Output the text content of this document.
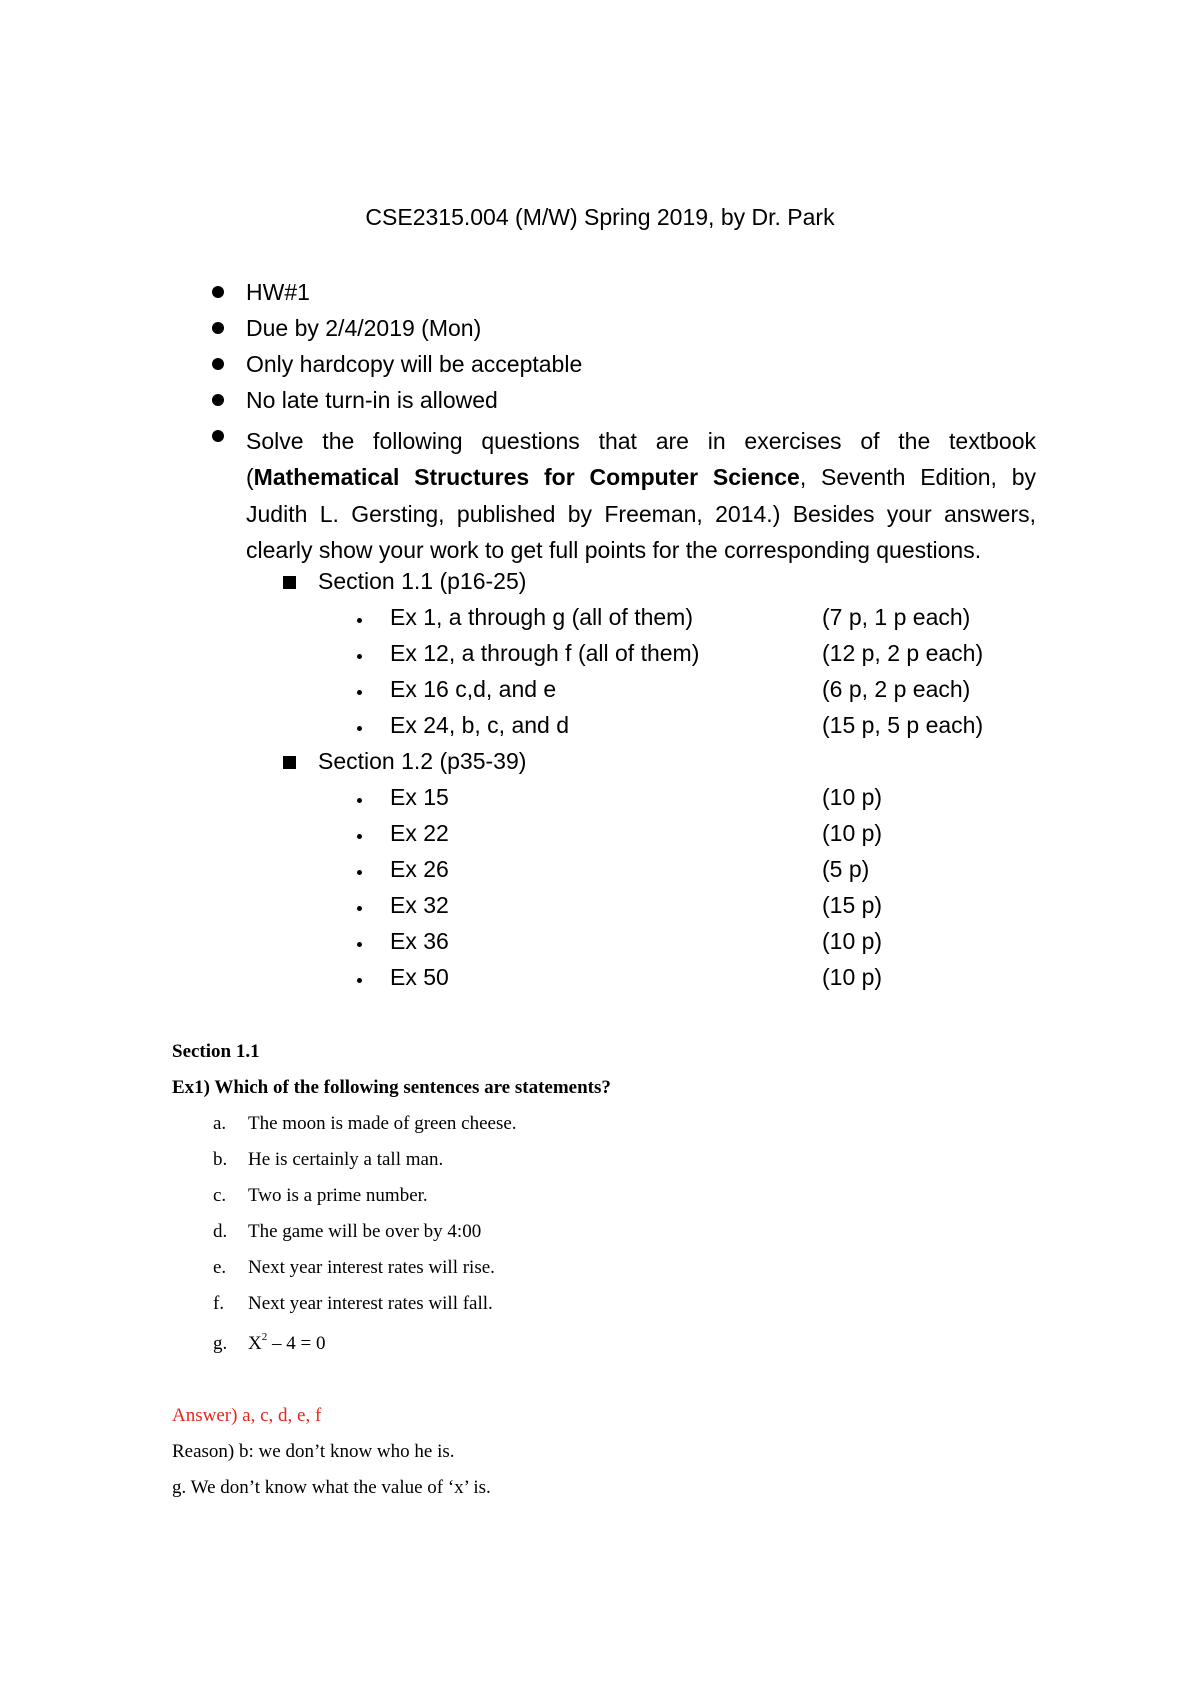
CSE2315.004 (M/W) Spring 2019, by Dr. Park
HW#1
Due by 2/4/2019 (Mon)
Only hardcopy will be acceptable
No late turn-in is allowed
Solve the following questions that are in exercises of the textbook (Mathematical Structures for Computer Science, Seventh Edition, by Judith L. Gersting, published by Freeman, 2014.) Besides your answers, clearly show your work to get full points for the corresponding questions.
Section 1.1 (p16-25)
Ex 1, a through g (all of them)	(7 p, 1 p each)
Ex 12, a through f (all of them)	(12 p, 2 p each)
Ex 16 c,d, and e	(6 p, 2 p each)
Ex 24, b, c, and d	(15 p, 5 p each)
Section 1.2 (p35-39)
Ex 15	(10 p)
Ex 22	(10 p)
Ex 26	(5 p)
Ex 32	(15 p)
Ex 36	(10 p)
Ex 50	(10 p)
Section 1.1
Ex1) Which of the following sentences are statements?
a. The moon is made of green cheese.
b. He is certainly a tall man.
c. Two is a prime number.
d. The game will be over by 4:00
e. Next year interest rates will rise.
f. Next year interest rates will fall.
g. $X^2 - 4 = 0$
Answer) a, c, d, e, f
Reason) b: we don’t know who he is.
g. We don’t know what the value of ‘x’ is.
